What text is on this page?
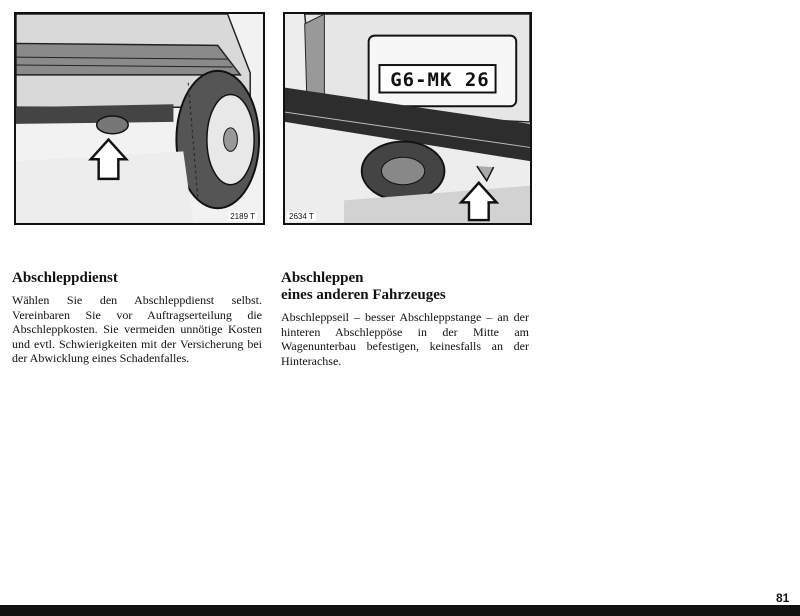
2189 T
G6-MK 26
2634 T
Abschleppdienst

Wählen Sie den Abschleppdienst selbst. Vereinbaren Sie vor Auftragserteilung die Abschleppkosten. Sie vermeiden unnötige Kosten und evtl. Schwierigkeiten mit der Versicherung bei der Abwicklung eines Schadenfalles.

Abschleppen
eines anderen Fahrzeuges

Abschleppseil – besser Abschleppstange – an der hinteren Abschleppöse in der Mitte am Wagenunterbau befestigen, keinesfalls an der Hinterachse.

81
